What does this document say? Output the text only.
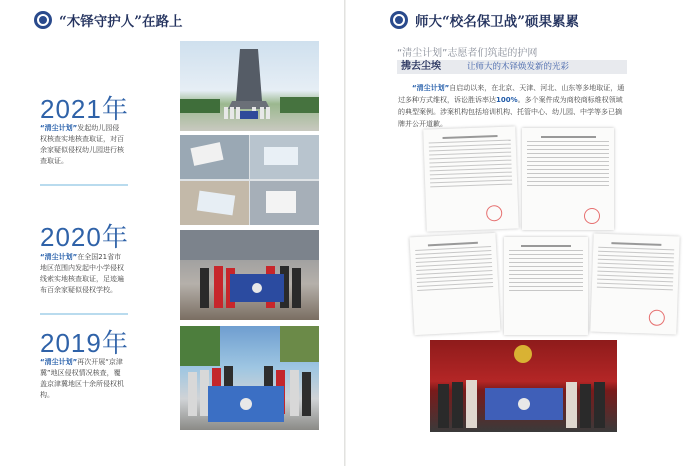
“木铎守护人”在路上
2021年
“清尘计划”发起幼儿园侵权核查实地核查取证，对百余家疑似侵权幼儿园进行核查取证。
2020年
“清尘计划”在全国21省市地区范围内发起中小学侵权线索实地核查取证，足迹遍布百余家疑似侵权学校。
2019年
“清尘计划”再次开展“京津冀”地区侵权情况核查，覆盖京津冀地区十余所侵权机构。
师大“校名保卫战”硕果累累
“清尘计划”志愿者们筑起的护网
拂去尘埃	让师大的木铎焕发新的光彩
“清尘计划”自启动以来，在北京、天津、河北、山东等多地取证，通过多种方式维权，诉讼胜诉率达100%。多个案件成为商校商标维权领域的典型案例。涉案机构包括培训机构、托管中心、幼儿园、中学等多已摘牌并公开道歉。
